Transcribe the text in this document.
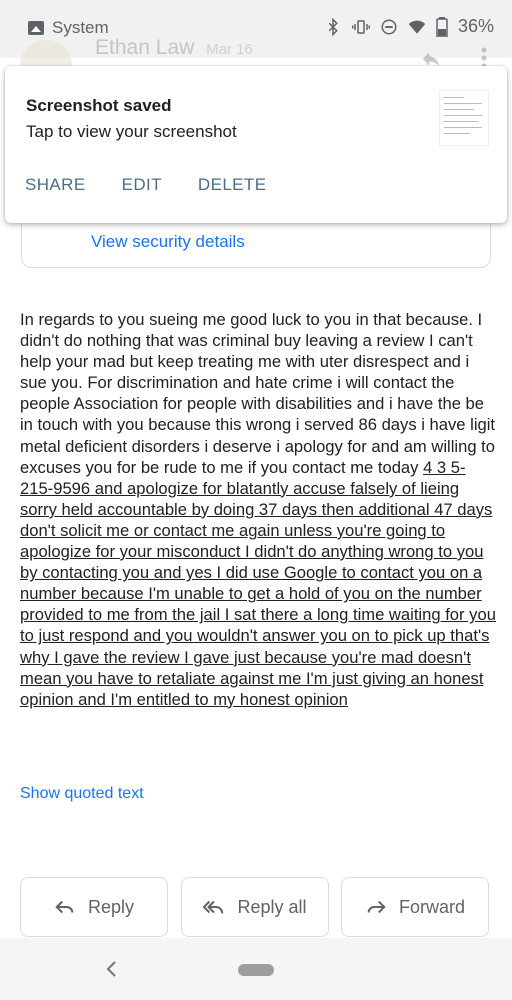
System	36%
Ethan Law Mar 16
View security details
Screenshot saved
Tap to view your screenshot
SHARE EDIT DELETE
In regards to you sueing me good luck to you in that because. I didn't do nothing that was criminal buy leaving a review I can't help your mad but keep treating me with uter disrespect and i sue you. For discrimination and hate crime i will contact the people Association for people with disabilities and i have the be in touch with you because this wrong i served 86 days i have ligit metal deficient disorders i deserve i apology for and am willing to excuses you for be rude to me if you contact me today 4 3 5-215-9596 and apologize for blatantly accuse falsely of lieing sorry held accountable by doing 37 days then additional 47 days don't solicit me or contact me again unless you're going to apologize for your misconduct I didn't do anything wrong to you by contacting you and yes I did use Google to contact you on a number because I'm unable to get a hold of you on the number provided to me from the jail I sat there a long time waiting for you to just respond and you wouldn't answer you on to pick up that's why I gave the review I gave just because you're mad doesn't mean you have to retaliate against me I'm just giving an honest opinion and I'm entitled to my honest opinion
Show quoted text
Reply	Reply all	Forward
